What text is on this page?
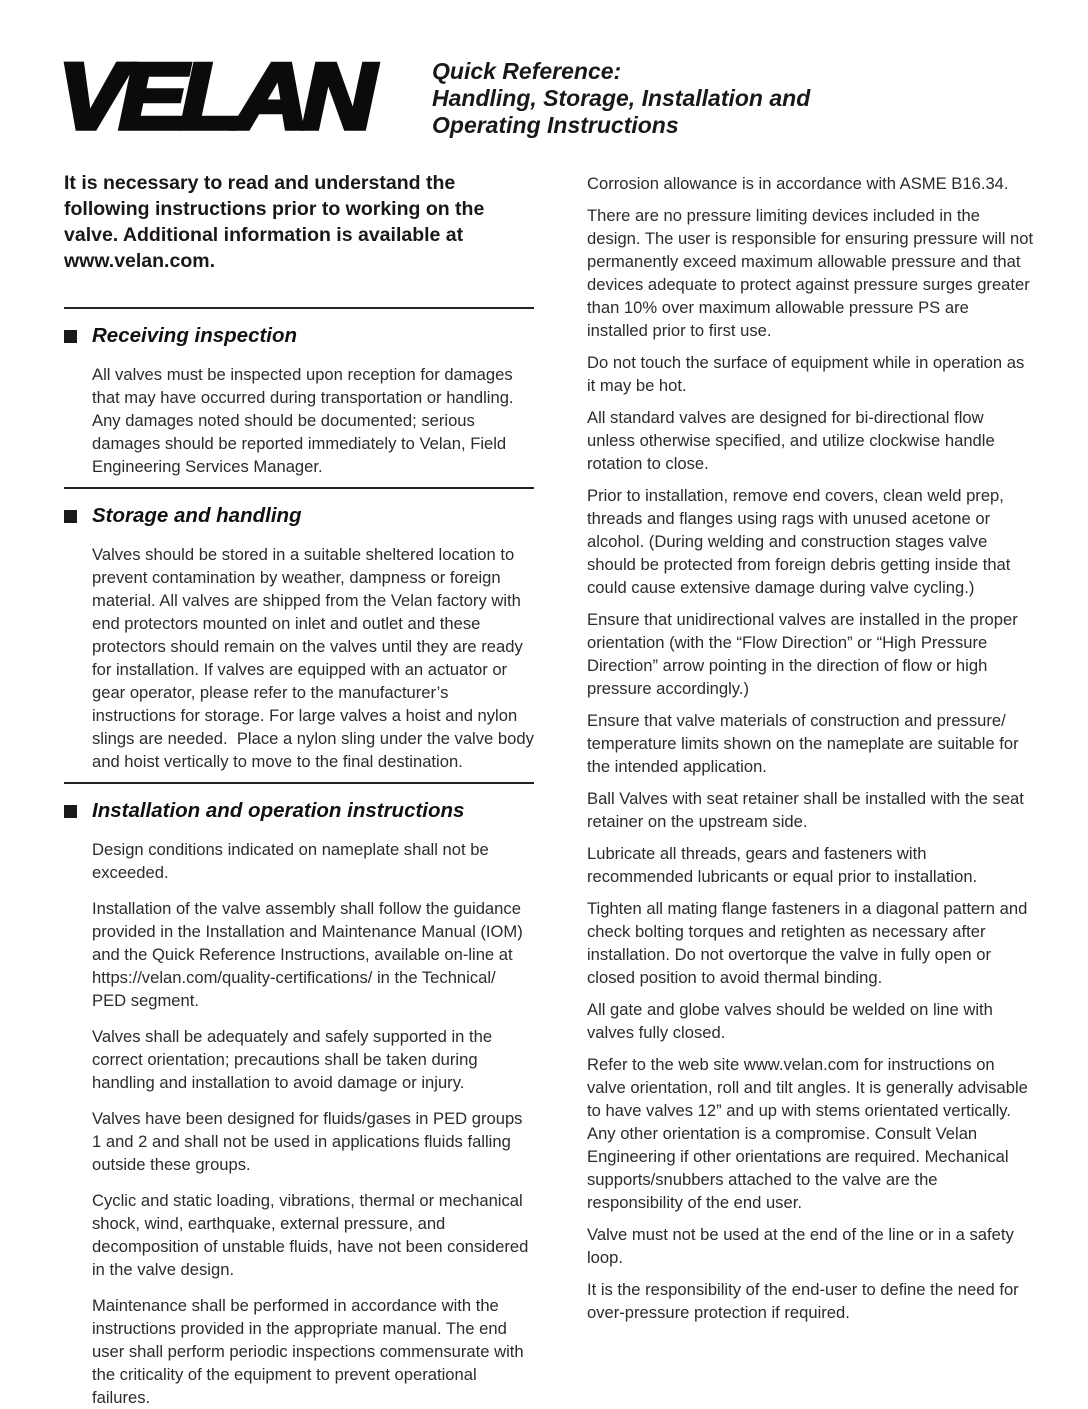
VELAN	Quick Reference:
Handling, Storage, Installation and
Operating Instructions

It is necessary to read and understand the following instructions prior to working on the valve. Additional information is available at www.velan.com.

Receiving inspection

All valves must be inspected upon reception for damages that may have occurred during transportation or handling. Any damages noted should be documented; serious damages should be reported immediately to Velan, Field Engineering Services Manager.

Storage and handling

Valves should be stored in a suitable sheltered location to prevent contamination by weather, dampness or foreign material. All valves are shipped from the Velan factory with end protectors mounted on inlet and outlet and these protectors should remain on the valves until they are ready for installation. If valves are equipped with an actuator or gear operator, please refer to the manufacturer’s instructions for storage. For large valves a hoist and nylon slings are needed.  Place a nylon sling under the valve body and hoist vertically to move to the final destination.

Installation and operation instructions

Design conditions indicated on nameplate shall not be exceeded.

Installation of the valve assembly shall follow the guidance provided in the Installation and Maintenance Manual (IOM) and the Quick Reference Instructions, available on-line at https://velan.com/quality-certifications/ in the Technical/ PED segment.

Valves shall be adequately and safely supported in the correct orientation; precautions shall be taken during handling and installation to avoid damage or injury.

Valves have been designed for fluids/gases in PED groups 1 and 2 and shall not be used in applications fluids falling outside these groups.

Cyclic and static loading, vibrations, thermal or mechanical shock, wind, earthquake, external pressure, and decomposition of unstable fluids, have not been considered in the valve design.

Maintenance shall be performed in accordance with the instructions provided in the appropriate manual. The end user shall perform periodic inspections commensurate with the criticality of the equipment to prevent operational failures.

Corrosion allowance is in accordance with ASME B16.34.

There are no pressure limiting devices included in the design. The user is responsible for ensuring pressure will not permanently exceed maximum allowable pressure and that devices adequate to protect against pressure surges greater than 10% over maximum allowable pressure PS are installed prior to first use.

Do not touch the surface of equipment while in operation as it may be hot.

All standard valves are designed for bi-directional flow unless otherwise specified, and utilize clockwise handle rotation to close.

Prior to installation, remove end covers, clean weld prep, threads and flanges using rags with unused acetone or alcohol. (During welding and construction stages valve should be protected from foreign debris getting inside that could cause extensive damage during valve cycling.)

Ensure that unidirectional valves are installed in the proper orientation (with the “Flow Direction” or “High Pressure Direction” arrow pointing in the direction of flow or high pressure accordingly.)

Ensure that valve materials of construction and pressure/ temperature limits shown on the nameplate are suitable for the intended application.

Ball Valves with seat retainer shall be installed with the seat retainer on the upstream side.

Lubricate all threads, gears and fasteners with recommended lubricants or equal prior to installation.

Tighten all mating flange fasteners in a diagonal pattern and check bolting torques and retighten as necessary after installation. Do not overtorque the valve in fully open or closed position to avoid thermal binding.

All gate and globe valves should be welded on line with valves fully closed.

Refer to the web site www.velan.com for instructions on valve orientation, roll and tilt angles. It is generally advisable to have valves 12” and up with stems orientated vertically. Any other orientation is a compromise. Consult Velan Engineering if other orientations are required. Mechanical supports/snubbers attached to the valve are the responsibility of the end user.

Valve must not be used at the end of the line or in a safety loop.

It is the responsibility of the end-user to define the need for over-pressure protection if required.
